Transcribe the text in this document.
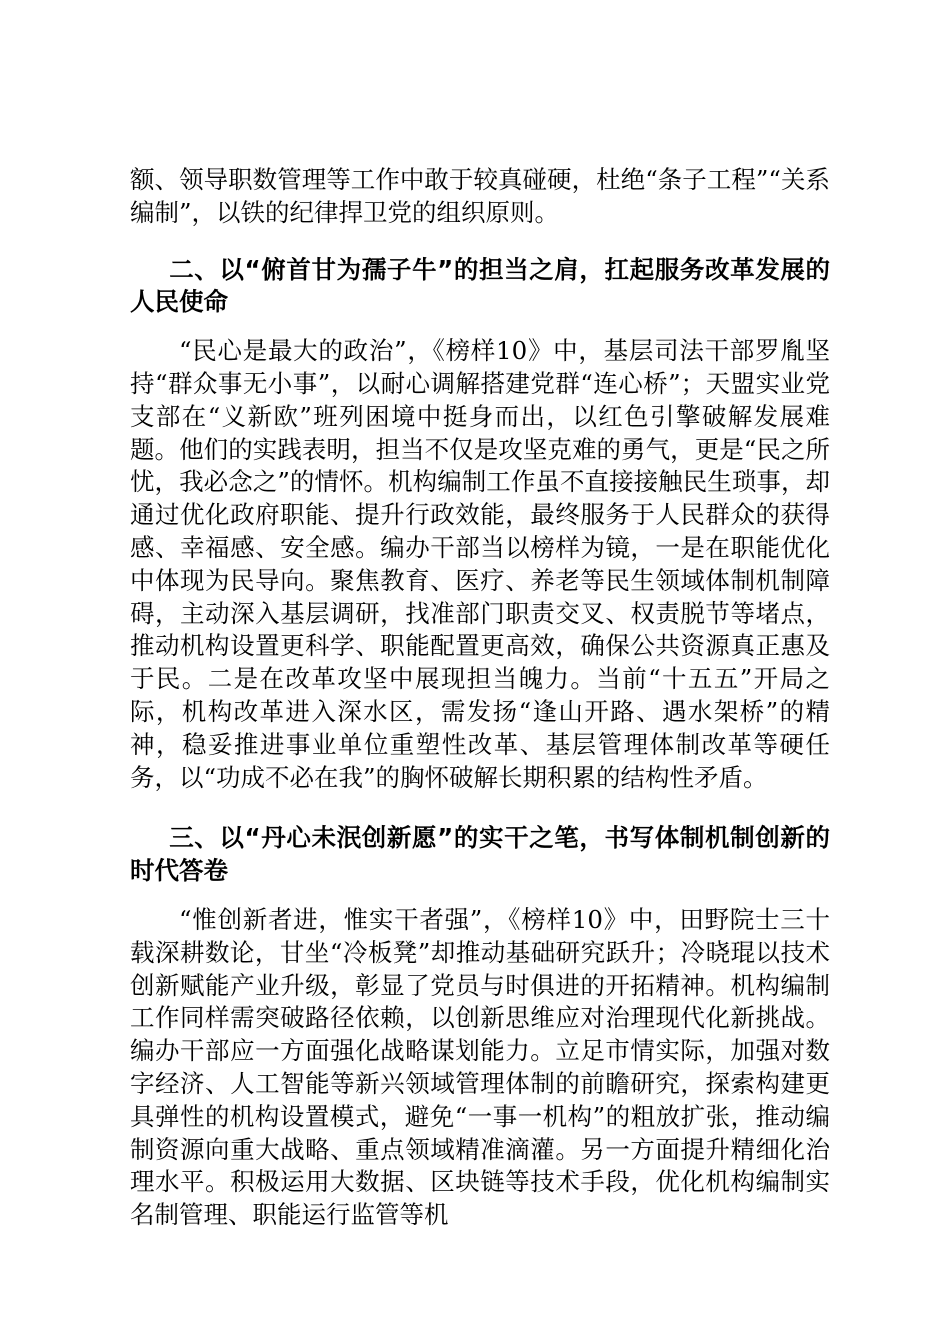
额、领导职数管理等工作中敢于较真碰硬，杜绝“条子工程”“关系编制”，以铁的纪律捍卫党的组织原则。

二、以“俯首甘为孺子牛”的担当之肩，扛起服务改革发展的人民使命

“民心是最大的政治”，《榜样10》中，基层司法干部罗胤坚持“群众事无小事”，以耐心调解搭建党群“连心桥”；天盟实业党支部在“义新欧”班列困境中挺身而出，以红色引擎破解发展难题。他们的实践表明，担当不仅是攻坚克难的勇气，更是“民之所忧，我必念之”的情怀。机构编制工作虽不直接接触民生琐事，却通过优化政府职能、提升行政效能，最终服务于人民群众的获得感、幸福感、安全感。编办干部当以榜样为镜，一是在职能优化中体现为民导向。聚焦教育、医疗、养老等民生领域体制机制障碍，主动深入基层调研，找准部门职责交叉、权责脱节等堵点，推动机构设置更科学、职能配置更高效，确保公共资源真正惠及于民。二是在改革攻坚中展现担当魄力。当前“十五五”开局之际，机构改革进入深水区，需发扬“逢山开路、遇水架桥”的精神，稳妥推进事业单位重塑性改革、基层管理体制改革等硬任务，以“功成不必在我”的胸怀破解长期积累的结构性矛盾。

三、以“丹心未泯创新愿”的实干之笔，书写体制机制创新的时代答卷

“惟创新者进，惟实干者强”，《榜样10》中，田野院士三十载深耕数论，甘坐“冷板凳”却推动基础研究跃升；冷晓琨以技术创新赋能产业升级，彰显了党员与时俱进的开拓精神。机构编制工作同样需突破路径依赖，以创新思维应对治理现代化新挑战。编办干部应一方面强化战略谋划能力。立足市情实际，加强对数字经济、人工智能等新兴领域管理体制的前瞻研究，探索构建更具弹性的机构设置模式，避免“一事一机构”的粗放扩张，推动编制资源向重大战略、重点领域精准滴灌。另一方面提升精细化治理水平。积极运用大数据、区块链等技术手段，优化机构编制实名制管理、职能运行监管等机
